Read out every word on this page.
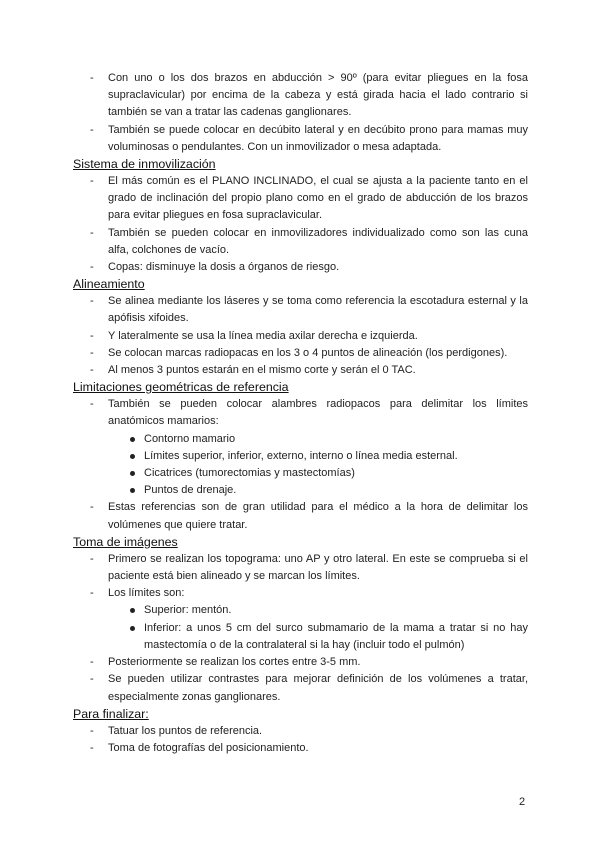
- Con uno o los dos brazos en abducción > 90º (para evitar pliegues en la fosa supraclavicular) por encima de la cabeza y está girada hacia el lado contrario si también se van a tratar las cadenas ganglionares.
- También se puede colocar en decúbito lateral y en decúbito prono para mamas muy voluminosas o pendulantes. Con un inmovilizador o mesa adaptada.
Sistema de inmovilización
- El más común es el PLANO INCLINADO, el cual se ajusta a la paciente tanto en el grado de inclinación del propio plano como en el grado de abducción de los brazos para evitar pliegues en fosa supraclavicular.
- También se pueden colocar en inmovilizadores individualizado como son las cuna alfa, colchones de vacío.
- Copas: disminuye la dosis a órganos de riesgo.
Alineamiento
- Se alinea mediante los láseres y se toma como referencia la escotadura esternal y la apófisis xifoides.
- Y lateralmente se usa la línea media axilar derecha e izquierda.
- Se colocan marcas radiopacas en los 3 o 4 puntos de alineación (los perdigones).
- Al menos 3 puntos estarán en el mismo corte y serán el 0 TAC.
Limitaciones geométricas de referencia
- También se pueden colocar alambres radiopacos para delimitar los límites anatómicos mamarios:
Contorno mamario
Límites superior, inferior, externo, interno o línea media esternal.
Cicatrices (tumorectomias y mastectomías)
Puntos de drenaje.
- Estas referencias son de gran utilidad para el médico a la hora de delimitar los volúmenes que quiere tratar.
Toma de imágenes
- Primero se realizan los topograma: uno AP y otro lateral. En este se comprueba si el paciente está bien alineado y se marcan los límites.
- Los límites son:
Superior: mentón.
Inferior: a unos 5 cm del surco submamario de la mama a tratar si no hay mastectomía o de la contralateral si la hay (incluir todo el pulmón)
- Posteriormente se realizan los cortes entre 3-5 mm.
- Se pueden utilizar contrastes para mejorar definición de los volúmenes a tratar, especialmente zonas ganglionares.
Para finalizar:
- Tatuar los puntos de referencia.
- Toma de fotografías del posicionamiento.
2
